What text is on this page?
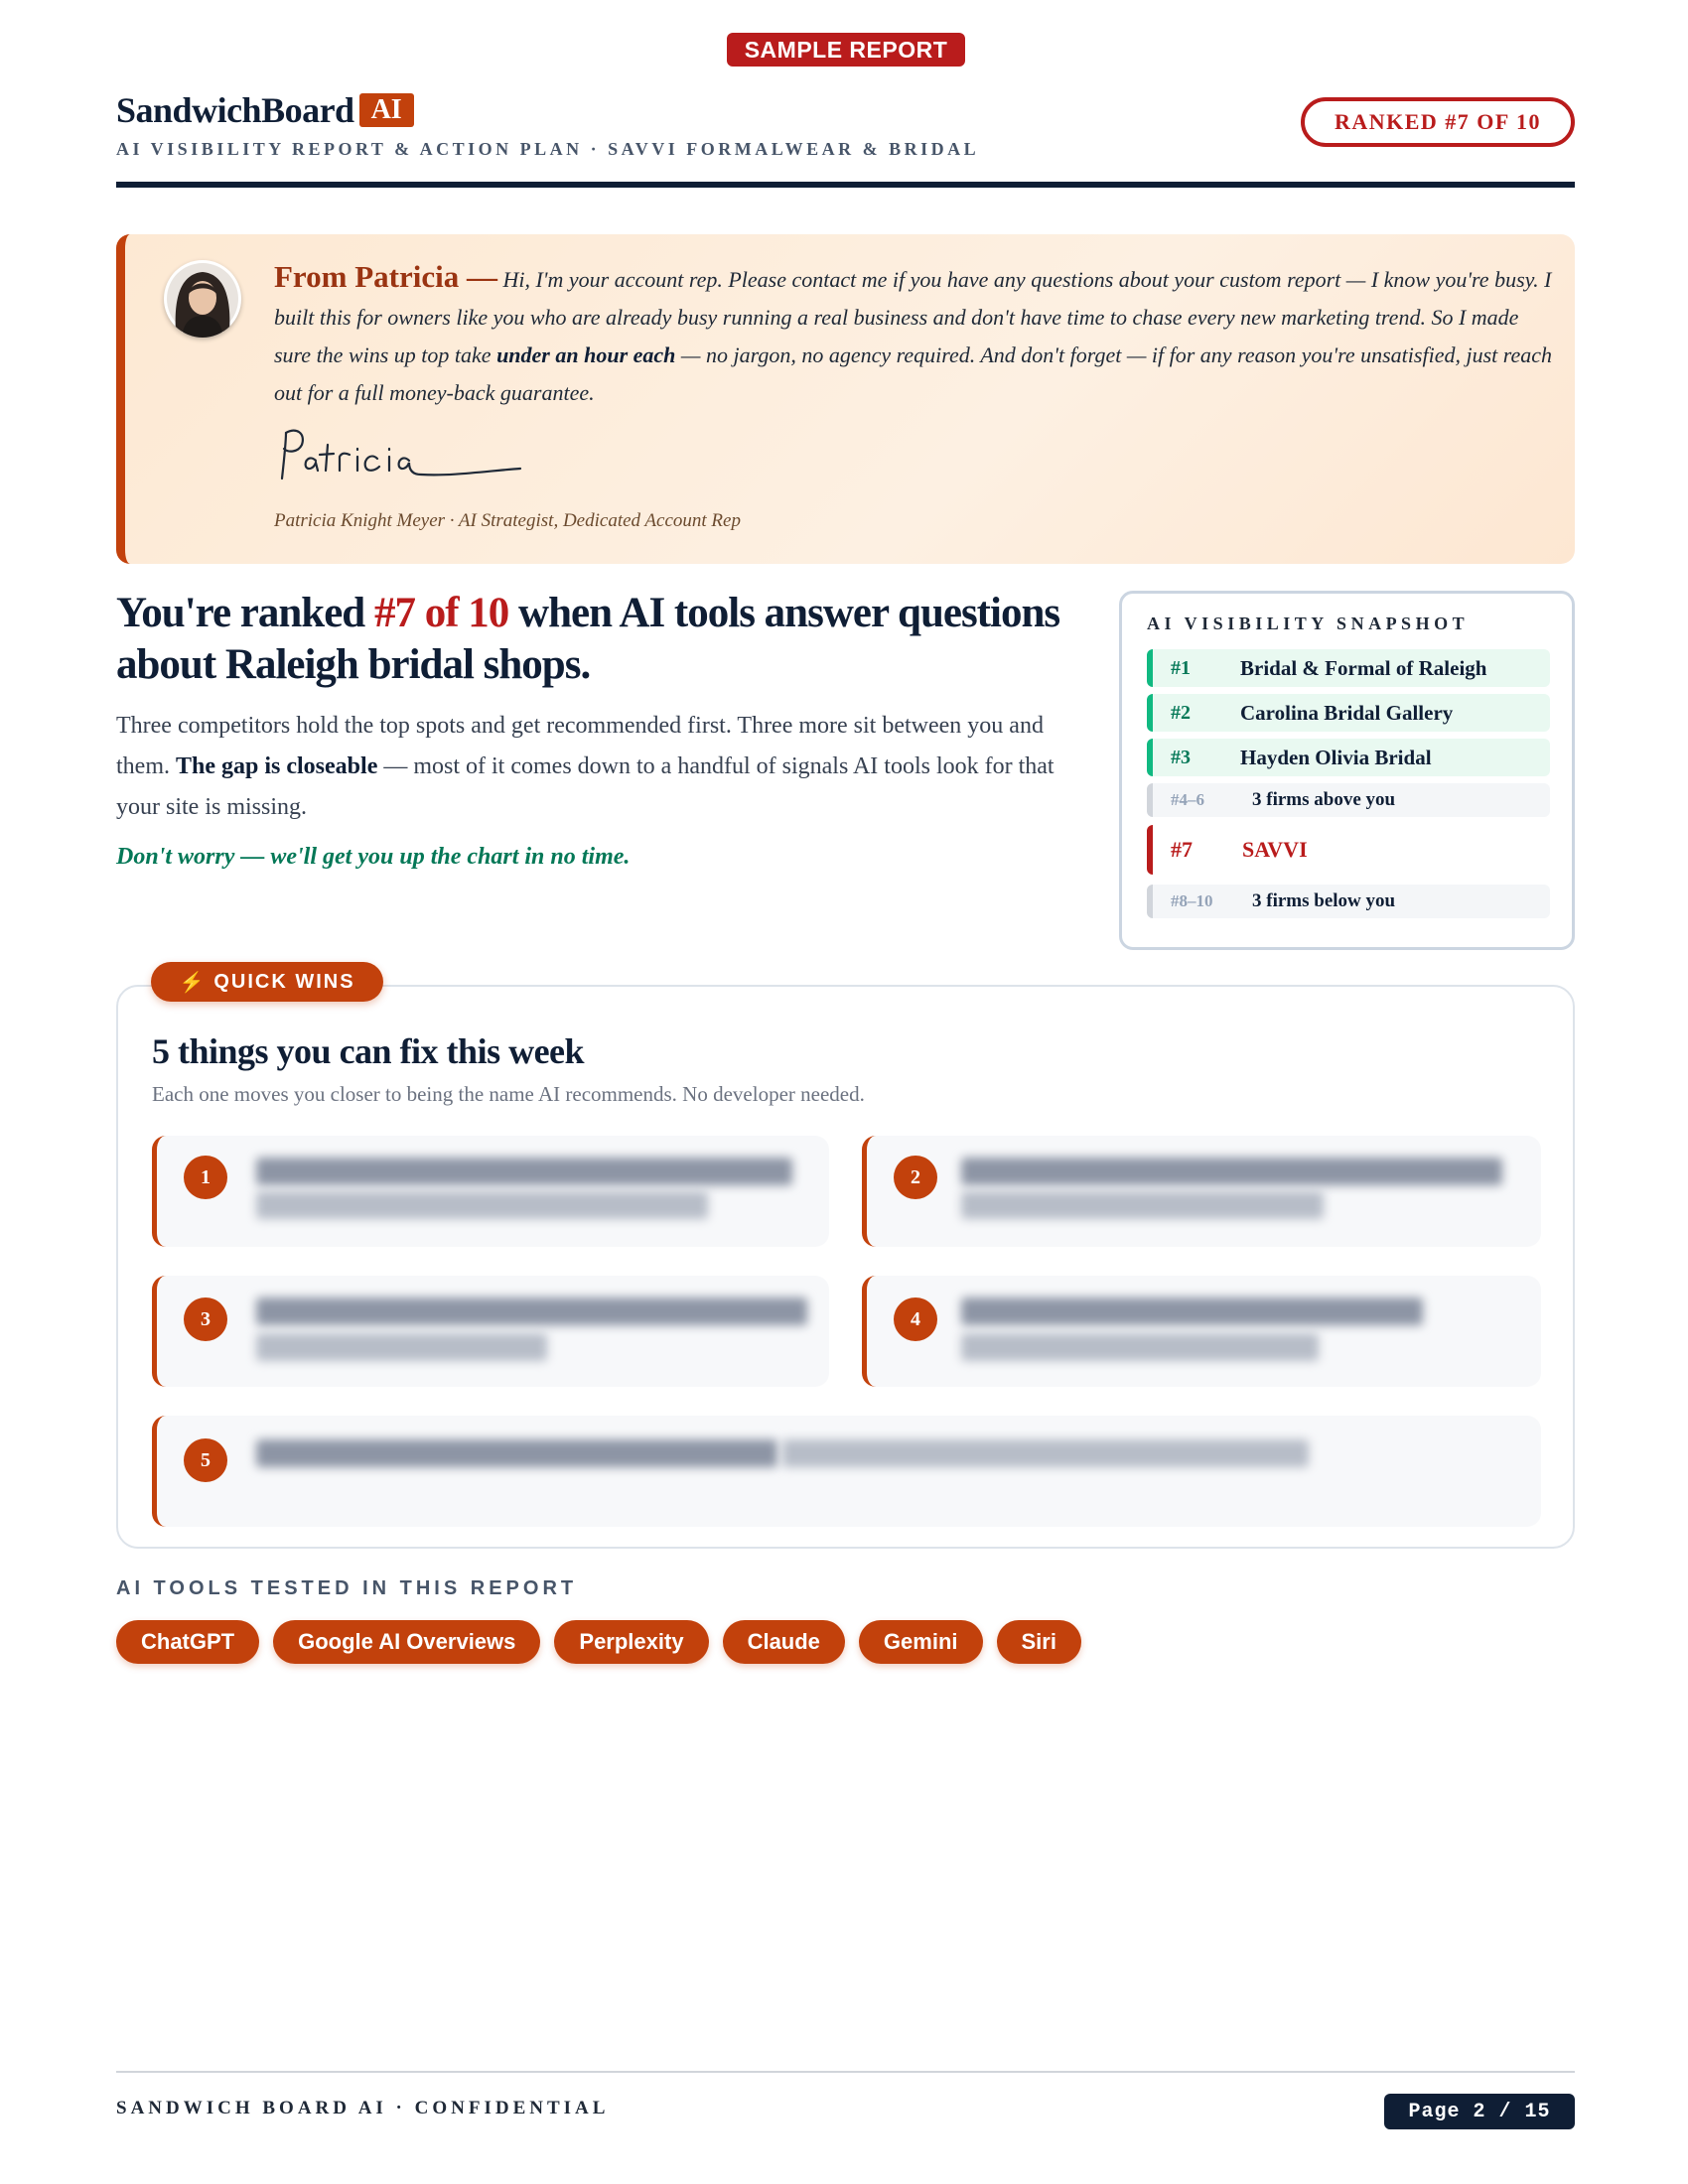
SAMPLE REPORT
SandwichBoard AI
AI VISIBILITY REPORT & ACTION PLAN · SAVVI FORMALWEAR & BRIDAL
RANKED #7 OF 10
From Patricia — Hi, I'm your account rep. Please contact me if you have any questions about your custom report — I know you're busy. I built this for owners like you who are already busy running a real business and don't have time to chase every new marketing trend. So I made sure the wins up top take under an hour each — no jargon, no agency required. And don't forget — if for any reason you're unsatisfied, just reach out for a full money-back guarantee.
Patricia Knight Meyer · AI Strategist, Dedicated Account Rep
You're ranked #7 of 10 when AI tools answer questions about Raleigh bridal shops.
Three competitors hold the top spots and get recommended first. Three more sit between you and them. The gap is closeable — most of it comes down to a handful of signals AI tools look for that your site is missing.
Don't worry — we'll get you up the chart in no time.
AI VISIBILITY SNAPSHOT
#1	Bridal & Formal of Raleigh
#2	Carolina Bridal Gallery
#3	Hayden Olivia Bridal
#4–6	3 firms above you
#7	SAVVI
#8–10	3 firms below you
5 things you can fix this week
Each one moves you closer to being the name AI recommends. No developer needed.
1	2
3	4
5
⚡ QUICK WINS
AI TOOLS TESTED IN THIS REPORT
ChatGPT	Google AI Overviews	Perplexity	Claude	Gemini	Siri
SANDWICH BOARD AI · CONFIDENTIAL	Page 2 / 15
